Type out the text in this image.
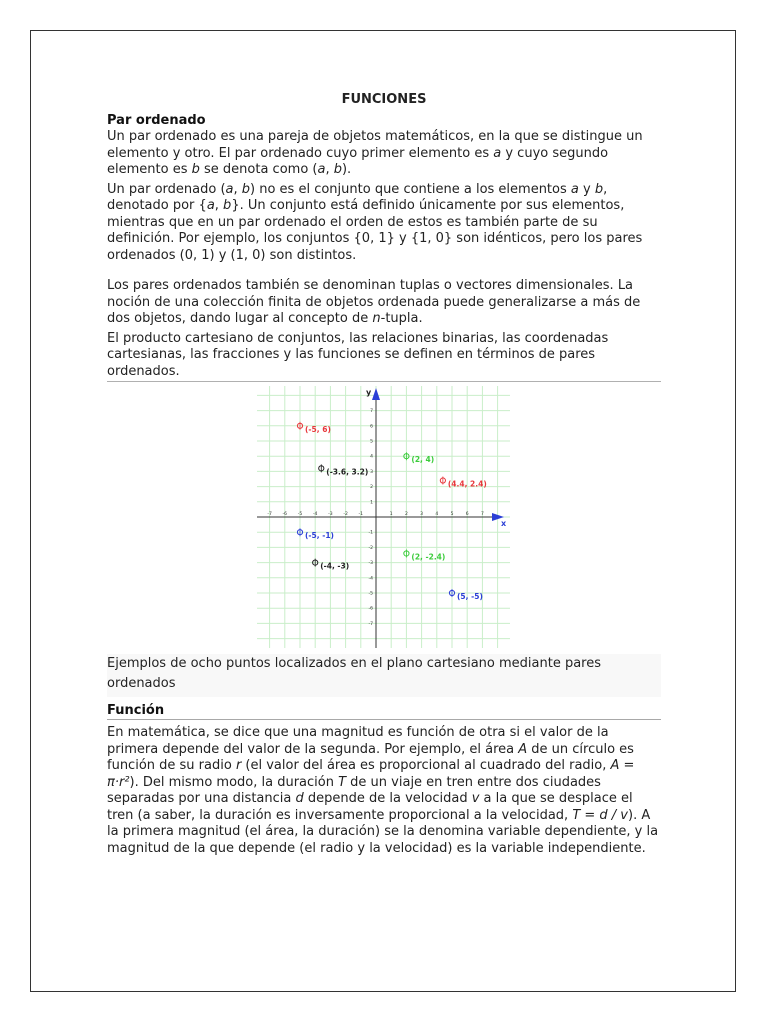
FUNCIONES
Par ordenado

Un par ordenado es una pareja de objetos matemáticos, en la que se distingue un elemento y otro. El par ordenado cuyo primer elemento es a y cuyo segundo elemento es b se denota como (a, b).

Un par ordenado (a, b) no es el conjunto que contiene a los elementos a y b, denotado por {a, b}. Un conjunto está definido únicamente por sus elementos, mientras que en un par ordenado el orden de estos es también parte de su definición. Por ejemplo, los conjuntos {0, 1} y {1, 0} son idénticos, pero los pares ordenados (0, 1) y (1, 0) son distintos.

Los pares ordenados también se denominan tuplas o vectores dimensionales. La noción de una colección finita de objetos ordenada puede generalizarse a más de dos objetos, dando lugar al concepto de n-tupla.

El producto cartesiano de conjuntos, las relaciones binarias, las coordenadas cartesianas, las fracciones y las funciones se definen en términos de pares ordenados.

x
y
-7
-7
-6
-6
-5
-5
-4
-4
-3
-3
-2
-2
-1
-1
1
1
2
2
3
3
4
4
5
5
6
6
7
7
(-5, 6)
(-3.6, 3.2)
(2, 4)
(4.4, 2.4)
(-5, -1)
(-4, -3)
(2, -2.4)
(5, -5)
Ejemplos de ocho puntos localizados en el plano cartesiano mediante pares ordenados
Función

En matemática, se dice que una magnitud es función de otra si el valor de la primera depende del valor de la segunda. Por ejemplo, el área A de un círculo es función de su radio r (el valor del área es proporcional al cuadrado del radio, A = π·r²). Del mismo modo, la duración T de un viaje en tren entre dos ciudades separadas por una distancia d depende de la velocidad v a la que se desplace el tren (a saber, la duración es inversamente proporcional a la velocidad, T = d / v). A la primera magnitud (el área, la duración) se la denomina variable dependiente, y la magnitud de la que depende (el radio y la velocidad) es la variable independiente.
